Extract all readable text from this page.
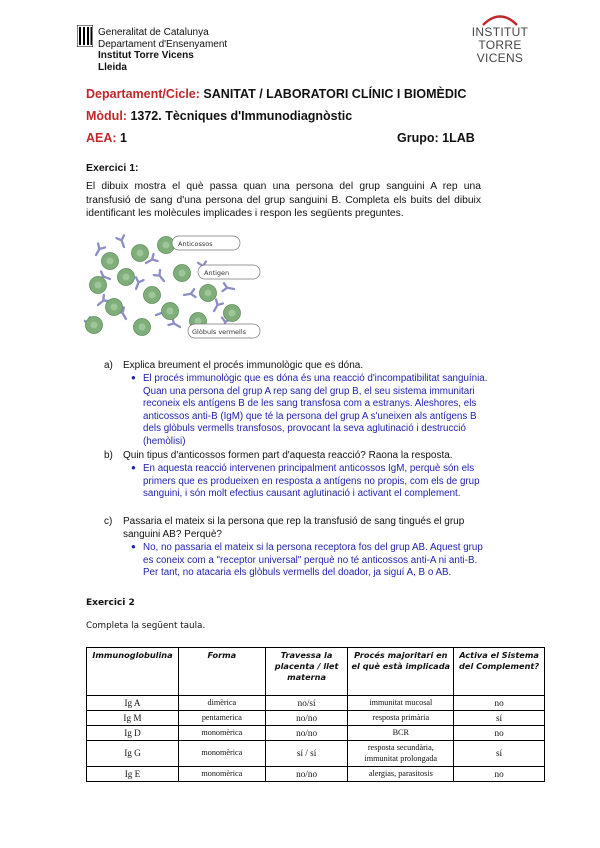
Generalitat de Catalunya
Departament d'Ensenyament
Institut Torre Vicens
Lleida
INSTITUT
TORRE VICENS
Departament/Cicle: SANITAT / LABORATORI CLÍNIC I BIOMÈDIC
Mòdul: 1372. Tècniques d'Immunodiagnòstic
AEA: 1	Grupo: 1LAB
Exercici 1:
El dibuix mostra el què passa quan una persona del grup sanguini A rep una transfusió de sang d'una persona del grup sanguini B. Completa els buits del dibuix identificant les molècules implicades i respon les següents preguntes.
Anticossos
Antigen
Glòbuls vermells
a) Explica breument el procés immunològic que es dóna.
● El procés immunològic que es dóna és una reacció d'incompatibilitat sanguínia. Quan una persona del grup A rep sang del grup B, el seu sistema immunitari reconeix els antígens B de les sang transfosa com a estranys. Aleshores, els anticossos anti-B (IgM) que té la persona del grup A s'uneixen als antígens B dels glòbuls vermells transfosos, provocant la seva aglutinació i destrucció (hemòlisi)
b) Quin tipus d'anticossos formen part d'aquesta reacció? Raona la resposta.
● En aquesta reacció intervenen principalment anticossos IgM, perquè són els primers que es produeixen en resposta a antígens no propis, com els de grup sanguini, i són molt efectius causant aglutinació i activant el complement.
c) Passaria el mateix si la persona que rep la transfusió de sang tingués el grup sanguini AB? Perquè?
● No, no passaria el mateix si la persona receptora fos del grup AB. Aquest grup es coneix com a "receptor universal" perquè no té anticossos anti-A ni anti-B. Per tant, no atacaria els glòbuls vermells del doador, ja siguí A, B o AB.
Exercici 2
Completa la següent taula.
Immunoglobulina	Forma	Travessa la placenta / llet materna	Procés majoritari en el què està implicada	Activa el Sistema del Complement?
Ig A	dimèrica	no/sí	immunitat mucosal	no
Ig M	pentamerica	no/no	resposta primària	sí
Ig D	monomèrica	no/no	BCR	no
Ig G	monomèrica	sí / sí	resposta secundària, immunitat prolongada	sí
Ig E	monomèrica	no/no	alergias, parasitosis	no
